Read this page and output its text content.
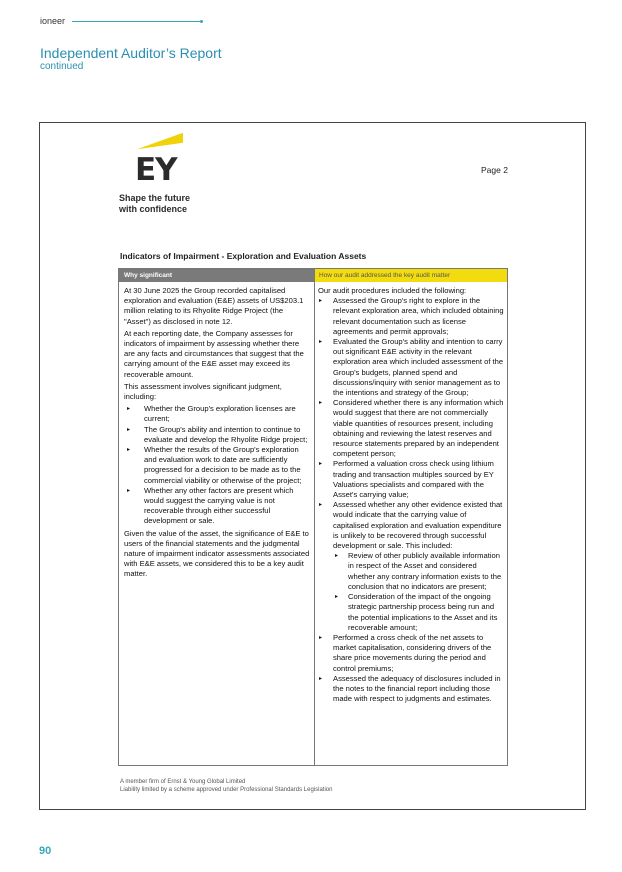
ioneer
Independent Auditor’s Report
continued
EY
Shape the future
with confidence
Page 2
Indicators of Impairment - Exploration and Evaluation Assets
Why significant

At 30 June 2025 the Group recorded capitalised exploration and evaluation (E&E) assets of US$203.1 million relating to its Rhyolite Ridge Project (the "Asset") as disclosed in note 12.

At each reporting date, the Company assesses for indicators of impairment by assessing whether there are any facts and circumstances that suggest that the carrying amount of the E&E asset may exceed its recoverable amount.

This assessment involves significant judgment, including:

▸ Whether the Group's exploration licenses are current;
▸ The Group's ability and intention to continue to evaluate and develop the Rhyolite Ridge project;
▸ Whether the results of the Group's exploration and evaluation work to date are sufficiently progressed for a decision to be made as to the commercial viability or otherwise of the project;
▸ Whether any other factors are present which would suggest the carrying value is not recoverable through either successful development or sale.

Given the value of the asset, the significance of E&E to users of the financial statements and the judgmental nature of impairment indicator assessments associated with E&E assets, we considered this to be a key audit matter.

How our audit addressed the key audit matter
Our audit procedures included the following:
▸ Assessed the Group's right to explore in the relevant exploration area, which included obtaining relevant documentation such as license agreements and permit approvals;
▸ Evaluated the Group's ability and intention to carry out significant E&E activity in the relevant exploration area which included assessment of the Group's budgets, planned spend and discussions/inquiry with senior management as to the intentions and strategy of the Group;
▸ Considered whether there is any information which would suggest that there are not commercially viable quantities of resources present, including obtaining and reviewing the latest reserves and resource statements prepared by an independent competent person;
▸ Performed a valuation cross check using lithium trading and transaction multiples sourced by EY Valuations specialists and compared with the Asset's carrying value;
▸ Assessed whether any other evidence existed that would indicate that the carrying value of capitalised exploration and evaluation expenditure is unlikely to be recovered through successful development or sale. This included:
▸ Review of other publicly available information in respect of the Asset and considered whether any contrary information exists to the conclusion that no indicators are present;
▸ Consideration of the impact of the ongoing strategic partnership process being run and the potential implications to the Asset and its recoverable amount;
▸ Performed a cross check of the net assets to market capitalisation, considering drivers of the share price movements during the period and control premiums;
▸ Assessed the adequacy of disclosures included in the notes to the financial report including those made with respect to judgments and estimates.
A member firm of Ernst & Young Global Limited
Liability limited by a scheme approved under Professional Standards Legislation
90
